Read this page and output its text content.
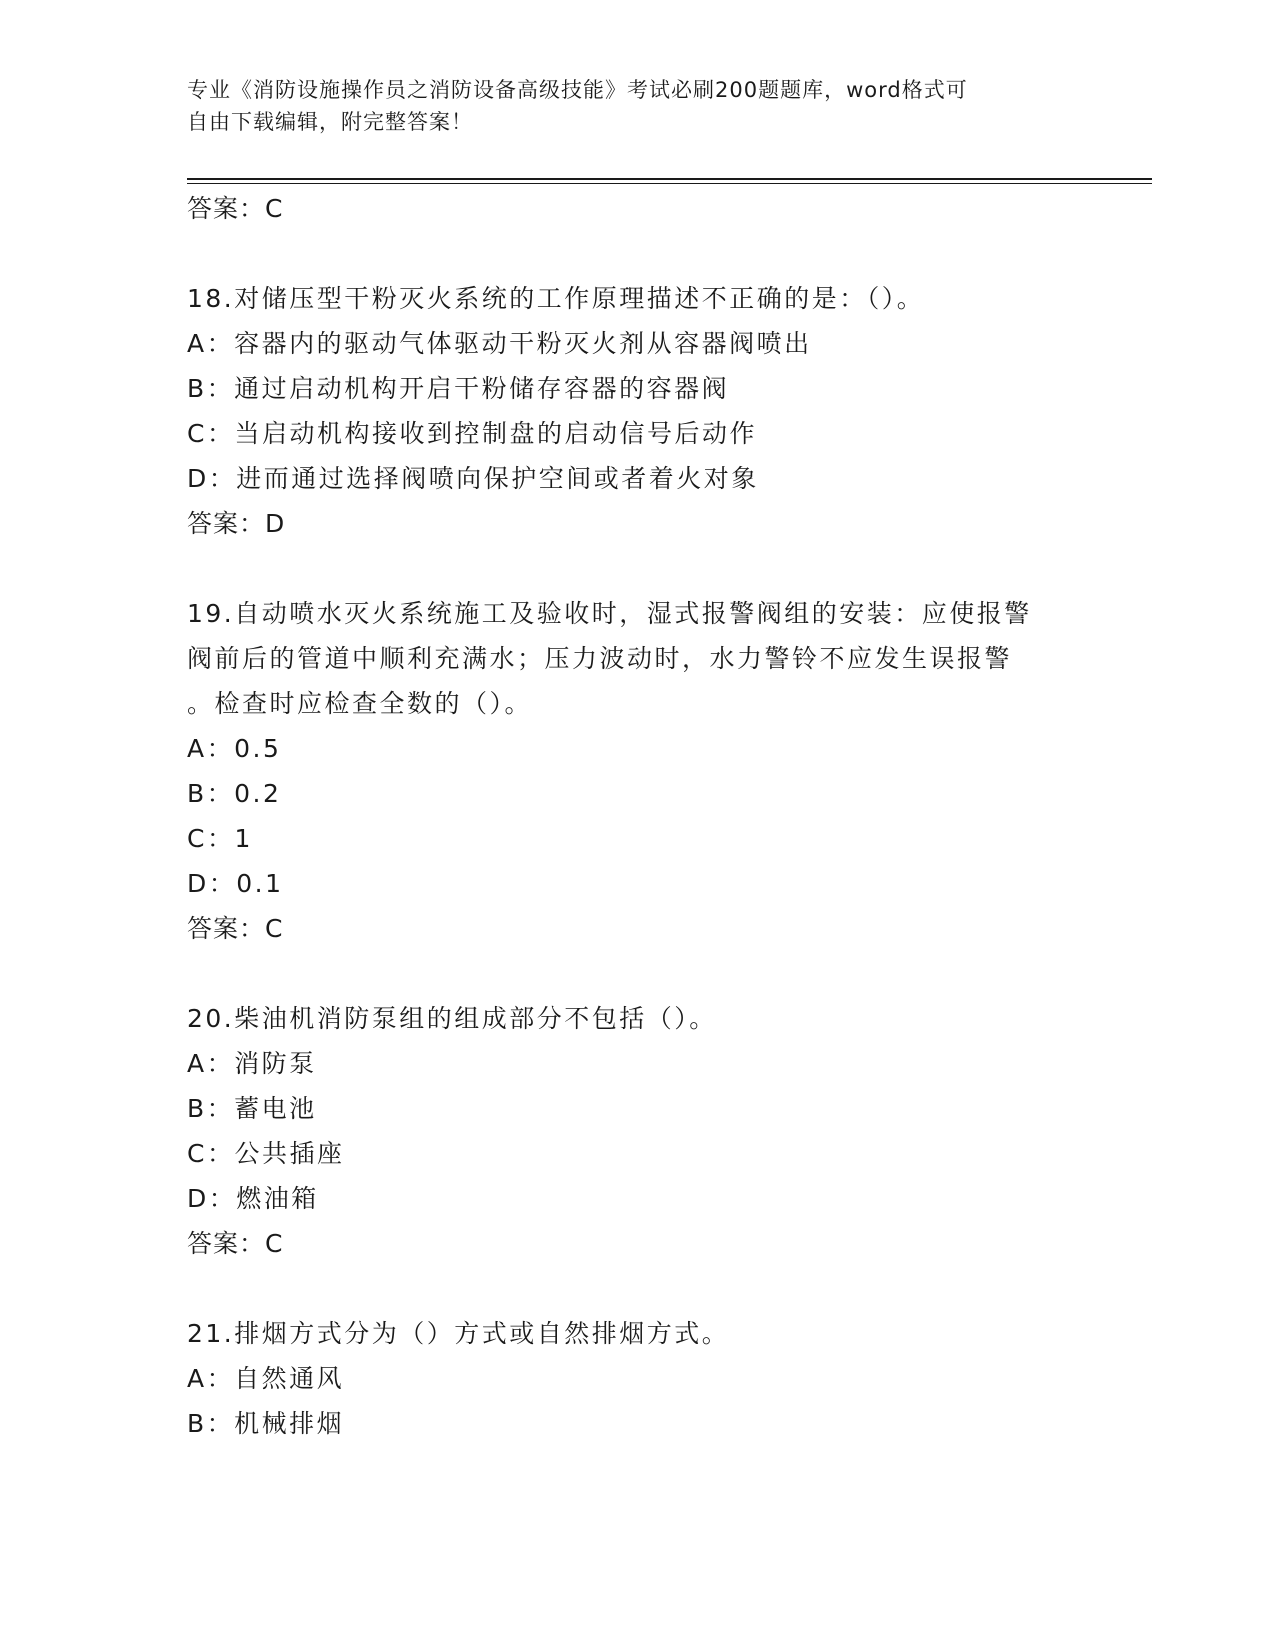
专业《消防设施操作员之消防设备高级技能》考试必刷200题题库，word格式可
自由下载编辑，附完整答案！
答案：C
18.对储压型干粉灭火系统的工作原理描述不正确的是：（）。
A：容器内的驱动气体驱动干粉灭火剂从容器阀喷出
B：通过启动机构开启干粉储存容器的容器阀
C：当启动机构接收到控制盘的启动信号后动作
D：进而通过选择阀喷向保护空间或者着火对象
答案：D
19.自动喷水灭火系统施工及验收时，湿式报警阀组的安装：应使报警
阀前后的管道中顺利充满水；压力波动时，水力警铃不应发生误报警
。检查时应检查全数的（）。
A：0.5
B：0.2
C：1
D：0.1
答案：C
20.柴油机消防泵组的组成部分不包括（）。
A：消防泵
B：蓄电池
C：公共插座
D：燃油箱
答案：C
21.排烟方式分为（）方式或自然排烟方式。
A：自然通风
B：机械排烟
